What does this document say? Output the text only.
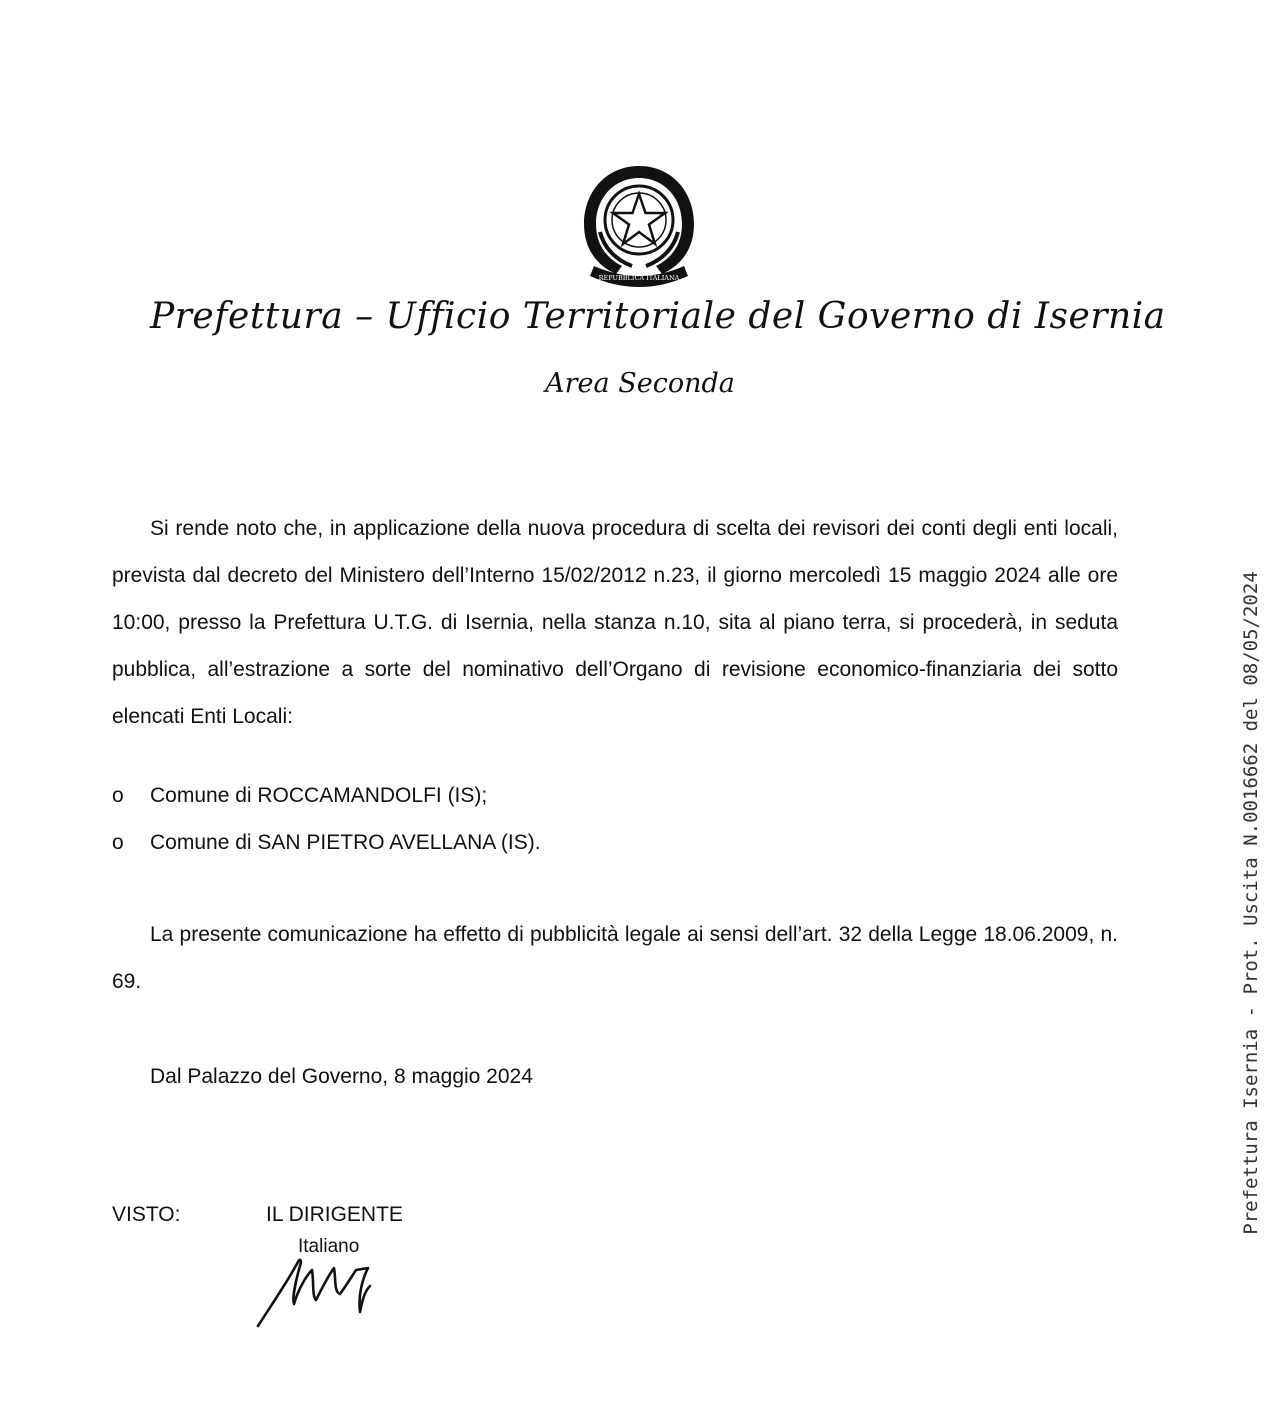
REPUBBLICA ITALIANA
Prefettura – Ufficio Territoriale del Governo di Isernia
Area Seconda

Si rende noto che, in applicazione della nuova procedura di scelta dei revisori dei conti degli enti locali, prevista dal decreto del Ministero dell’Interno 15/02/2012 n.23, il giorno mercoledì 15 maggio 2024 alle ore 10:00, presso la Prefettura U.T.G. di Isernia, nella stanza n.10, sita al piano terra, si procederà, in seduta pubblica, all’estrazione a sorte del nominativo dell’Organo di revisione economico-finanziaria dei sotto elencati Enti Locali:

o Comune di ROCCAMANDOLFI (IS);
o Comune di SAN PIETRO AVELLANA (IS).

La presente comunicazione ha effetto di pubblicità legale ai sensi dell’art. 32 della Legge 18.06.2009, n. 69.

Dal Palazzo del Governo, 8 maggio 2024
VISTO:	IL DIRIGENTE
Italiano
Prefettura Isernia - Prot. Uscita N.0016662 del 08/05/2024
